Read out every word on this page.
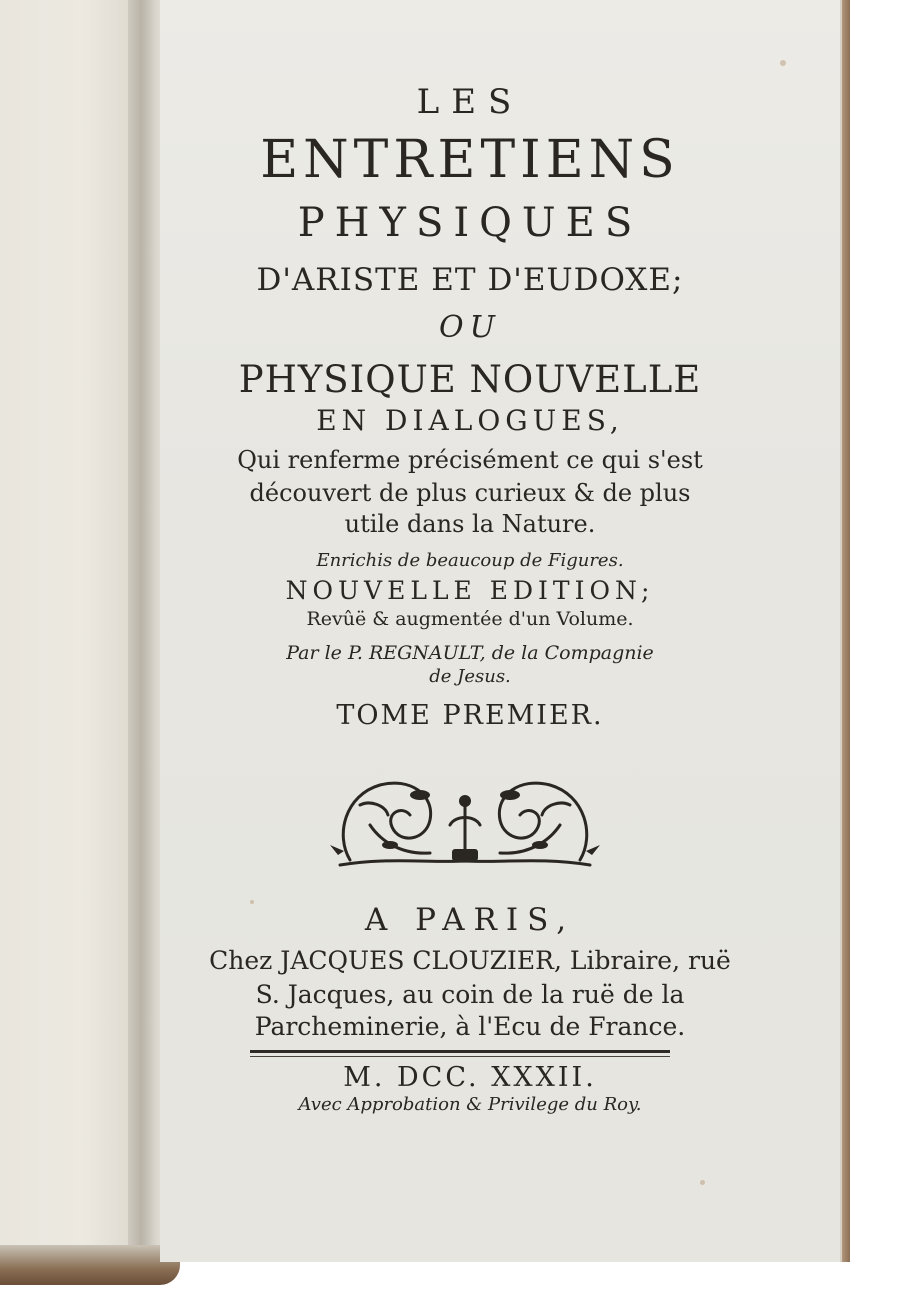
LES
ENTRETIENS
PHYSIQUES
D'ARISTE ET D'EUDOXE;
OU
PHYSIQUE NOUVELLE
EN DIALOGUES,
Qui renferme précisément ce qui s'est
découvert de plus curieux & de plus
utile dans la Nature.
Enrichis de beaucoup de Figures.
NOUVELLE EDITION;
Revûë & augmentée d'un Volume.
Par le P. REGNAULT, de la Compagnie
de Jesus.
TOME PREMIER.
A PARIS,
Chez JACQUES CLOUZIER, Libraire, ruë
S. Jacques, au coin de la ruë de la
Parcheminerie, à l'Ecu de France.
M. DCC. XXXII.
Avec Approbation & Privilege du Roy.
